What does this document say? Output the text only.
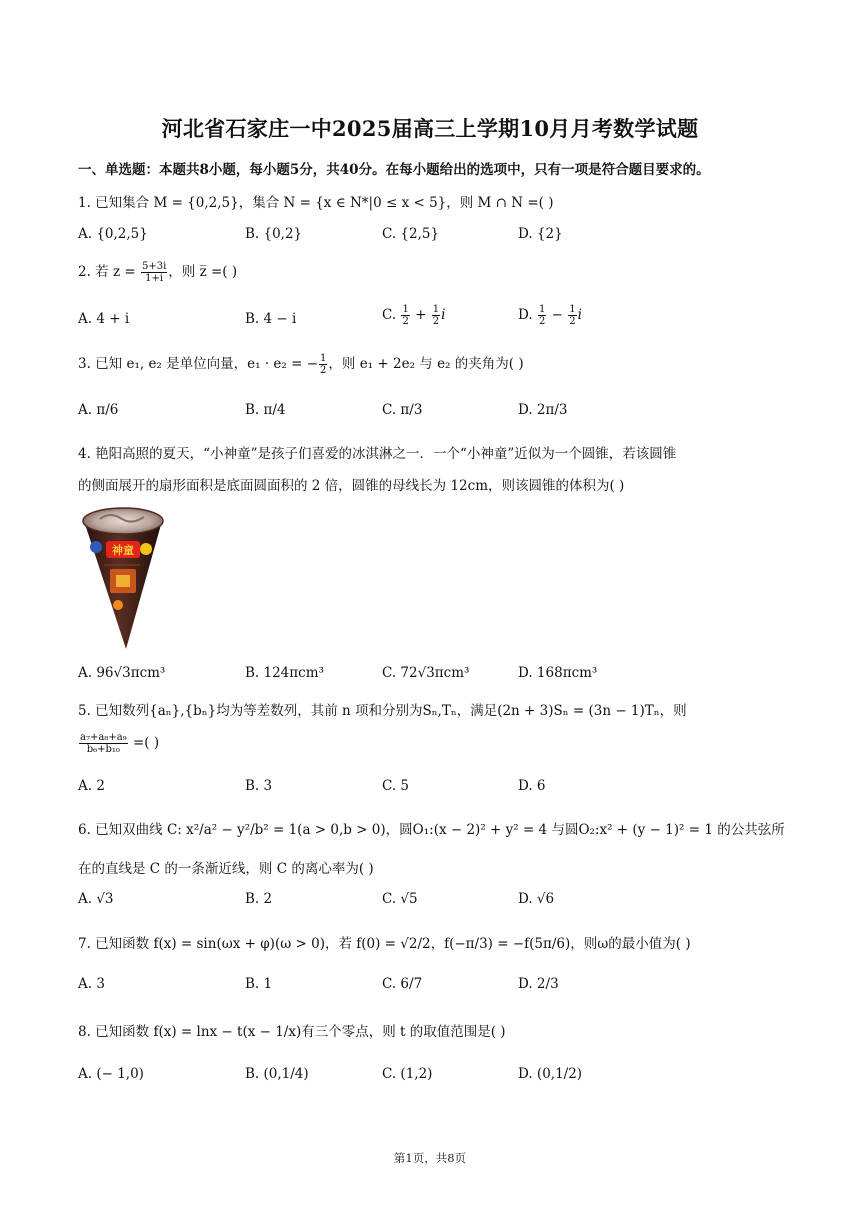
河北省石家庄一中2025届高三上学期10月月考数学试题
一、单选题：本题共8小题，每小题5分，共40分。在每小题给出的选项中，只有一项是符合题目要求的。
1. 已知集合 M = {0,2,5}，集合 N = {x ∈ N*|0 ≤ x < 5}，则 M ∩ N =( )
A. {0,2,5}	B. {0,2}	C. {2,5}	D. {2}
2. 若 $z = \frac{5+3i}{1+i}$ ，则 z̅ =( )
A. 4 + i	B. 4 − i	C. $\frac{1}{2} + \frac{1}{2}$ i	D. $\frac{1}{2} - \frac{1}{2}$ i
3. 已知 e₁, e₂ 是单位向量，e₁ · e₂ = − $\frac{1}{2}$ ，则 e₁ + 2e₂ 与 e₂ 的夹角为( )
A. π/6	B. π/4	C. π/3	D. 2π/3
4. 艳阳高照的夏天，“小神童”是孩子们喜爱的冰淇淋之一．一个“小神童”近似为一个圆锥，若该圆锥
的侧面展开的扇形面积是底面圆面积的 2 倍，圆锥的母线长为 12cm，则该圆锥的体积为( )
神童
A. 96√3πcm³	B. 124πcm³	C. 72√3πcm³	D. 168πcm³
5. 已知数列{aₙ},{bₙ}均为等差数列，其前 n 项和分别为Sₙ,Tₙ，满足(2n + 3)Sₙ = (3n − 1)Tₙ，则
$\frac{\text{a₇+a₈+a₉}}{\text{b₆+b₁₀}}$ =( )
A. 2	B. 3	C. 5	D. 6
6. 已知双曲线 C: x²/a² − y²/b² = 1(a > 0,b > 0)，圆O₁:(x − 2)² + y² = 4 与圆O₂:x² + (y − 1)² = 1 的公共弦所
在的直线是 C 的一条渐近线，则 C 的离心率为( )
A. √3	B. 2	C. √5	D. √6
7. 已知函数 f(x) = sin(ωx + φ)(ω > 0)，若 f(0) = √2/2，f(−π/3) = −f(5π/6)，则ω的最小值为( )
A. 3	B. 1	C. 6/7	D. 2/3
8. 已知函数 f(x) = lnx − t(x − 1/x)有三个零点，则 t 的取值范围是( )
A. (− 1,0)	B. (0,1/4)	C. (1,2)	D. (0,1/2)
第1页，共8页
